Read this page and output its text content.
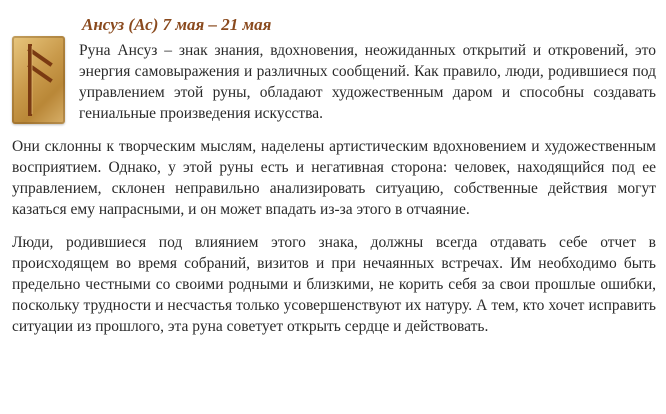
Ансуз (Ас) 7 мая – 21 мая

Руна Ансуз – знак знания, вдохновения, неожиданных открытий и откровений, это энергия самовыражения и различных сообщений. Как правило, люди, родившиеся под управлением этой руны, обладают художественным даром и способны создавать гениальные произведения искусства.

Они склонны к творческим мыслям, наделены артистическим вдохновением и художественным восприятием. Однако, у этой руны есть и негативная сторона: человек, находящийся под ее управлением, склонен неправильно анализировать ситуацию, собственные действия могут казаться ему напрасными, и он может впадать из-за этого в отчаяние.

Люди, родившиеся под влиянием этого знака, должны всегда отдавать себе отчет в происходящем во время собраний, визитов и при нечаянных встречах. Им необходимо быть предельно честными со своими родными и близкими, не корить себя за свои прошлые ошибки, поскольку трудности и несчастья только усовершенствуют их натуру. А тем, кто хочет исправить ситуации из прошлого, эта руна советует открыть сердце и действовать.
